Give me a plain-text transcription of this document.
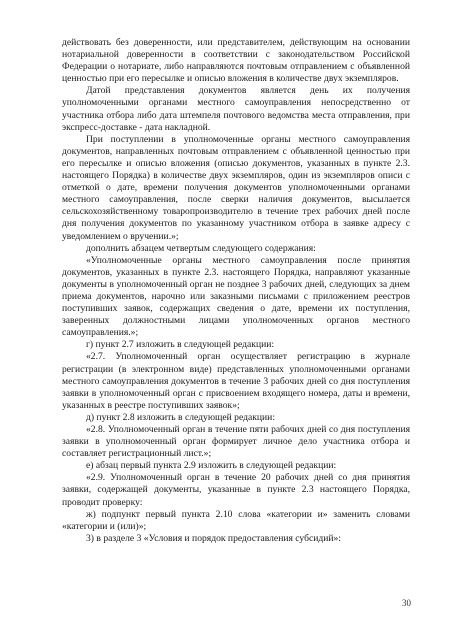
действовать без доверенности, или представителем, действующим на основании нотариальной доверенности в соответствии с законодательством Российской Федерации о нотариате, либо направляются почтовым отправлением с объявленной ценностью при его пересылке и описью вложения в количестве двух экземпляров.

Датой представления документов является день их получения уполномоченными органами местного самоуправления непосредственно от участника отбора либо дата штемпеля почтового ведомства места отправления, при экспресс-доставке - дата накладной.

При поступлении в уполномоченные органы местного самоуправления документов, направленных почтовым отправлением с объявленной ценностью при его пересылке и описью вложения (описью документов, указанных в пункте 2.3. настоящего Порядка) в количестве двух экземпляров, один из экземпляров описи с отметкой о дате, времени получения документов уполномоченными органами местного самоуправления, после сверки наличия документов, высылается сельскохозяйственному товаропроизводителю в течение трех рабочих дней после дня получения документов по указанному участником отбора в заявке адресу с уведомлением о вручении.»;

дополнить абзацем четвертым следующего содержания:

«Уполномоченные органы местного самоуправления после принятия документов, указанных в пункте 2.3. настоящего Порядка, направляют указанные документы в уполномоченный орган не позднее 3 рабочих дней, следующих за днем приема документов, нарочно или заказными письмами с приложением реестров поступивших заявок, содержащих сведения о дате, времени их поступления, заверенных должностными лицами уполномоченных органов местного самоуправления.»;

г) пункт 2.7 изложить в следующей редакции:

«2.7. Уполномоченный орган осуществляет регистрацию в журнале регистрации (в электронном виде) представленных уполномоченными органами местного самоуправления документов в течение 3 рабочих дней со дня поступления заявки в уполномоченный орган с присвоением входящего номера, даты и времени, указанных в реестре поступивших заявок»;

д) пункт 2.8 изложить в следующей редакции:

«2.8. Уполномоченный орган в течение пяти рабочих дней со дня поступления заявки в уполномоченный орган формирует личное дело участника отбора и составляет регистрационный лист.»;

е) абзац первый пункта 2.9 изложить в следующей редакции:

«2.9. Уполномоченный орган в течение 20 рабочих дней со дня принятия заявки, содержащей документы, указанные в пункте 2.3 настоящего Порядка, проводит проверку:

ж) подпункт первый пункта 2.10 слова «категории и» заменить словами «категории и (или)»;

3) в разделе 3 «Условия и порядок предоставления субсидий»:

30
